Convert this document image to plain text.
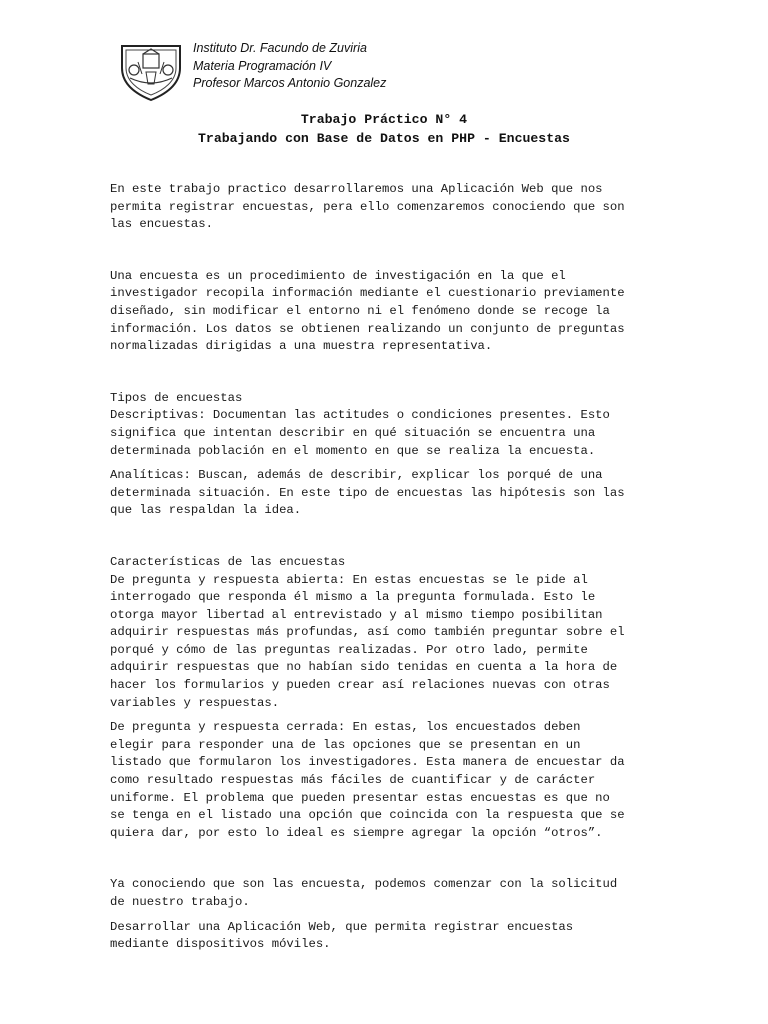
Instituto Dr. Facundo de Zuviria
Materia Programación IV
Profesor Marcos Antonio Gonzalez
Trabajo Práctico N° 4
Trabajando con Base de Datos en PHP - Encuestas
En este trabajo practico desarrollaremos una Aplicación Web que nos
permita registrar encuestas, pera ello comenzaremos conociendo que son
las encuestas.
Una encuesta es un procedimiento de investigación en la que el
investigador recopila información mediante el cuestionario previamente
diseñado, sin modificar el entorno ni el fenómeno donde se recoge la
información. Los datos se obtienen realizando un conjunto de preguntas
normalizadas dirigidas a una muestra representativa.
Tipos de encuestas
Descriptivas: Documentan las actitudes o condiciones presentes. Esto
significa que intentan describir en qué situación se encuentra una
determinada población en el momento en que se realiza la encuesta.
Analíticas: Buscan, además de describir, explicar los porqué de una
determinada situación. En este tipo de encuestas las hipótesis son las
que las respaldan la idea.
Características de las encuestas
De pregunta y respuesta abierta: En estas encuestas se le pide al
interrogado que responda él mismo a la pregunta formulada. Esto le
otorga mayor libertad al entrevistado y al mismo tiempo posibilitan
adquirir respuestas más profundas, así como también preguntar sobre el
porqué y cómo de las preguntas realizadas. Por otro lado, permite
adquirir respuestas que no habían sido tenidas en cuenta a la hora de
hacer los formularios y pueden crear así relaciones nuevas con otras
variables y respuestas.
De pregunta y respuesta cerrada: En estas, los encuestados deben
elegir para responder una de las opciones que se presentan en un
listado que formularon los investigadores. Esta manera de encuestar da
como resultado respuestas más fáciles de cuantificar y de carácter
uniforme. El problema que pueden presentar estas encuestas es que no
se tenga en el listado una opción que coincida con la respuesta que se
quiera dar, por esto lo ideal es siempre agregar la opción “otros”.
Ya conociendo que son las encuesta, podemos comenzar con la solicitud
de nuestro trabajo.
Desarrollar una Aplicación Web, que permita registrar encuestas
mediante dispositivos móviles.
